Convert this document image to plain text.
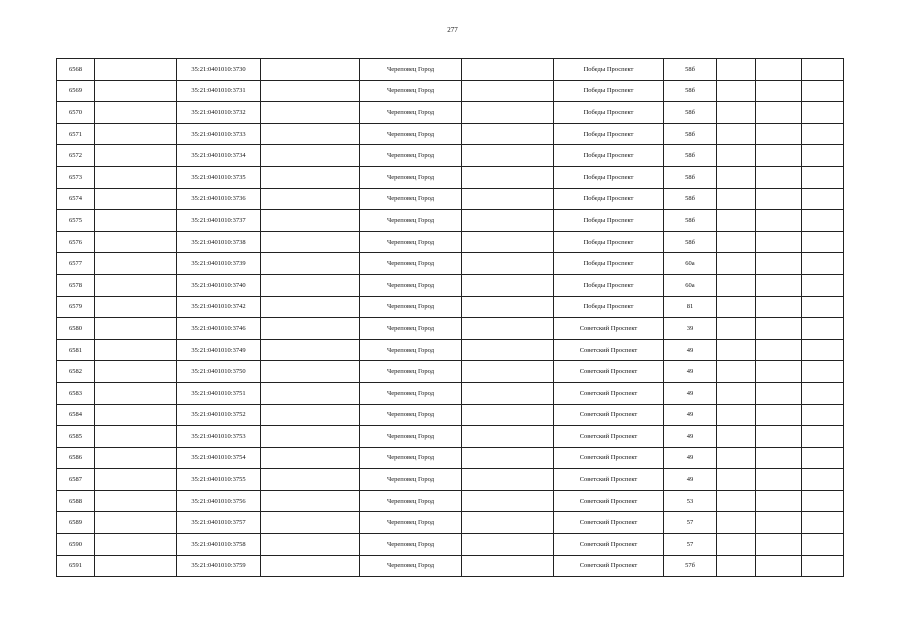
277
6568		35:21:0401010:3730		Череповец Город		Победы Проспект	58б			
6569		35:21:0401010:3731		Череповец Город		Победы Проспект	58б			
6570		35:21:0401010:3732		Череповец Город		Победы Проспект	58б			
6571		35:21:0401010:3733		Череповец Город		Победы Проспект	58б			
6572		35:21:0401010:3734		Череповец Город		Победы Проспект	58б			
6573		35:21:0401010:3735		Череповец Город		Победы Проспект	58б			
6574		35:21:0401010:3736		Череповец Город		Победы Проспект	58б			
6575		35:21:0401010:3737		Череповец Город		Победы Проспект	58б			
6576		35:21:0401010:3738		Череповец Город		Победы Проспект	58б			
6577		35:21:0401010:3739		Череповец Город		Победы Проспект	60а			
6578		35:21:0401010:3740		Череповец Город		Победы Проспект	60а			
6579		35:21:0401010:3742		Череповец Город		Победы Проспект	81			
6580		35:21:0401010:3746		Череповец Город		Советский Проспект	39			
6581		35:21:0401010:3749		Череповец Город		Советский Проспект	49			
6582		35:21:0401010:3750		Череповец Город		Советский Проспект	49			
6583		35:21:0401010:3751		Череповец Город		Советский Проспект	49			
6584		35:21:0401010:3752		Череповец Город		Советский Проспект	49			
6585		35:21:0401010:3753		Череповец Город		Советский Проспект	49			
6586		35:21:0401010:3754		Череповец Город		Советский Проспект	49			
6587		35:21:0401010:3755		Череповец Город		Советский Проспект	49			
6588		35:21:0401010:3756		Череповец Город		Советский Проспект	53			
6589		35:21:0401010:3757		Череповец Город		Советский Проспект	57			
6590		35:21:0401010:3758		Череповец Город		Советский Проспект	57			
6591		35:21:0401010:3759		Череповец Город		Советский Проспект	57б			
